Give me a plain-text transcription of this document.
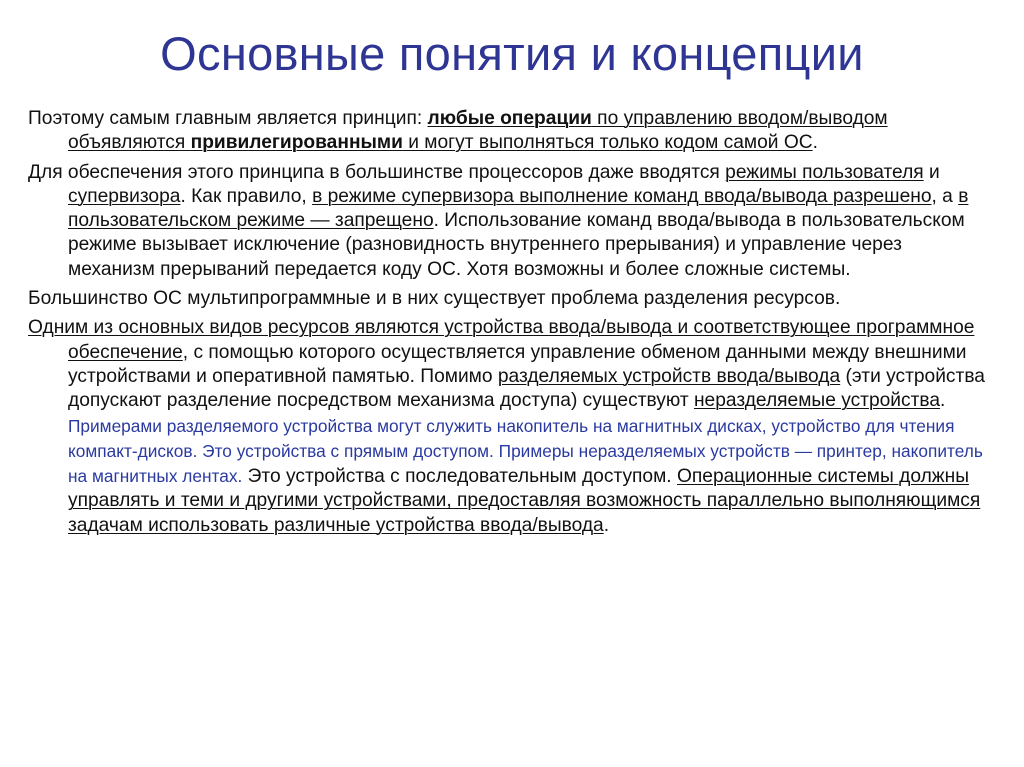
Основные понятия и концепции

Поэтому самым главным является принцип: любые операции по управлению вводом/выводом объявляются привилегированными и могут выполняться только кодом самой ОС.

Для обеспечения этого принципа в большинстве процессоров даже вводятся режимы пользователя и супервизора. Как правило, в режиме супервизора выполнение команд ввода/вывода разрешено, а в пользовательском режиме — запрещено. Использование команд ввода/вывода в пользовательском режиме вызывает исключение (разновидность внутреннего прерывания) и управление через механизм прерываний передается коду ОС. Хотя возможны и более сложные системы.

Большинство ОС мультипрограммные и в них существует проблема разделения ресурсов.

Одним из основных видов ресурсов являются устройства ввода/вывода и соответствующее программное обеспечение, с помощью которого осуществляется управление обменом данными между внешними устройствами и оперативной памятью. Помимо разделяемых устройств ввода/вывода (эти устройства допускают разделение посредством механизма доступа) существуют неразделяемые устройства. Примерами разделяемого устройства могут служить накопитель на магнитных дисках, устройство для чтения компакт-дисков. Это устройства с прямым доступом. Примеры неразделяемых устройств — принтер, накопитель на магнитных лентах. Это устройства с последовательным доступом. Операционные системы должны управлять и теми и другими устройствами, предоставляя возможность параллельно выполняющимся задачам использовать различные устройства ввода/вывода.
